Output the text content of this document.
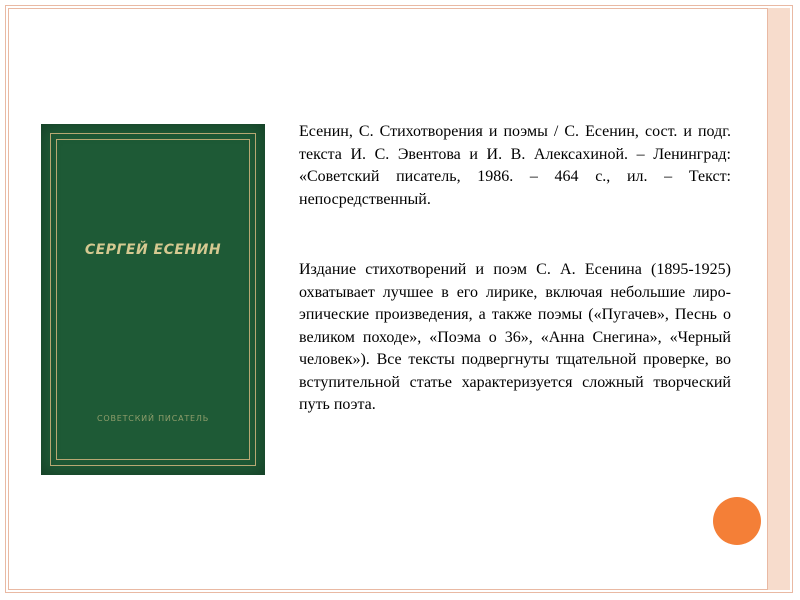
СЕРГЕЙ ЕСЕНИН
СОВЕТСКИЙ ПИСАТЕЛЬ
Есенин, С. Стихотворения и поэмы / С. Есенин, сост. и подг. текста И. С. Эвентова и И. В. Алексахиной. – Ленинград: «Советский писатель, 1986. – 464 с., ил. – Текст: непосредственный.
Издание стихотворений и поэм С. А. Есенина (1895-1925) охватывает лучшее в его лирике, включая небольшие лиро-эпические произведения, а также поэмы («Пугачев», Песнь о великом походе», «Поэма о 36», «Анна Снегина», «Черный человек»). Все тексты подвергнуты тщательной проверке, во вступительной статье характеризуется сложный творческий путь поэта.
